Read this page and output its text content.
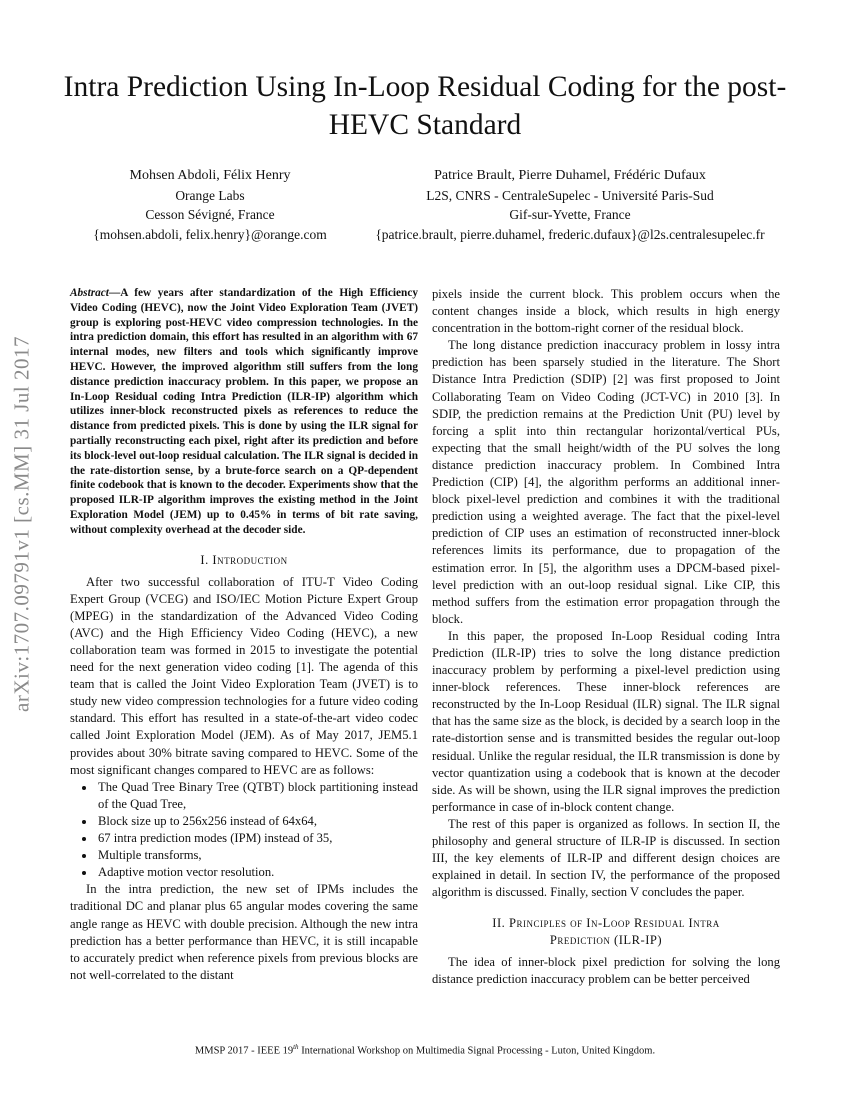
Intra Prediction Using In-Loop Residual Coding for the post-HEVC Standard
Mohsen Abdoli, Félix Henry
Orange Labs
Cesson Sévigné, France
{mohsen.abdoli, felix.henry}@orange.com
Patrice Brault, Pierre Duhamel, Frédéric Dufaux
L2S, CNRS - CentraleSupelec - Université Paris-Sud
Gif-sur-Yvette, France
{patrice.brault, pierre.duhamel, frederic.dufaux}@l2s.centralesupelec.fr
arXiv:1707.09791v1 [cs.MM] 31 Jul 2017

Abstract—A few years after standardization of the High Efficiency Video Coding (HEVC), now the Joint Video Exploration Team (JVET) group is exploring post-HEVC video compression technologies. In the intra prediction domain, this effort has resulted in an algorithm with 67 internal modes, new filters and tools which significantly improve HEVC. However, the improved algorithm still suffers from the long distance prediction inaccuracy problem. In this paper, we propose an In-Loop Residual coding Intra Prediction (ILR-IP) algorithm which utilizes inner-block reconstructed pixels as references to reduce the distance from predicted pixels. This is done by using the ILR signal for partially reconstructing each pixel, right after its prediction and before its block-level out-loop residual calculation. The ILR signal is decided in the rate-distortion sense, by a brute-force search on a QP-dependent finite codebook that is known to the decoder. Experiments show that the proposed ILR-IP algorithm improves the existing method in the Joint Exploration Model (JEM) up to 0.45% in terms of bit rate saving, without complexity overhead at the decoder side.

I. Introduction

After two successful collaboration of ITU-T Video Coding Expert Group (VCEG) and ISO/IEC Motion Picture Expert Group (MPEG) in the standardization of the Advanced Video Coding (AVC) and the High Efficiency Video Coding (HEVC), a new collaboration team was formed in 2015 to investigate the potential need for the next generation video coding [1]. The agenda of this team that is called the Joint Video Exploration Team (JVET) is to study new video compression technologies for a future video coding standard. This effort has resulted in a state-of-the-art video codec called Joint Exploration Model (JEM). As of May 2017, JEM5.1 provides about 30% bitrate saving compared to HEVC. Some of the most significant changes compared to HEVC are as follows:

• The Quad Tree Binary Tree (QTBT) block partitioning instead of the Quad Tree,
• Block size up to 256x256 instead of 64x64,
• 67 intra prediction modes (IPM) instead of 35,
• Multiple transforms,
• Adaptive motion vector resolution.

In the intra prediction, the new set of IPMs includes the traditional DC and planar plus 65 angular modes covering the same angle range as HEVC with double precision. Although the new intra prediction has a better performance than HEVC, it is still incapable to accurately predict when reference pixels from previous blocks are not well-correlated to the distant

pixels inside the current block. This problem occurs when the content changes inside a block, which results in high energy concentration in the bottom-right corner of the residual block.

The long distance prediction inaccuracy problem in lossy intra prediction has been sparsely studied in the literature. The Short Distance Intra Prediction (SDIP) [2] was first proposed to Joint Collaborating Team on Video Coding (JCT-VC) in 2010 [3]. In SDIP, the prediction remains at the Prediction Unit (PU) level by forcing a split into thin rectangular horizontal/vertical PUs, expecting that the small height/width of the PU solves the long distance prediction inaccuracy problem. In Combined Intra Prediction (CIP) [4], the algorithm performs an additional inner-block pixel-level prediction and combines it with the traditional prediction using a weighted average. The fact that the pixel-level prediction of CIP uses an estimation of reconstructed inner-block references limits its performance, due to propagation of the estimation error. In [5], the algorithm uses a DPCM-based pixel-level prediction with an out-loop residual signal. Like CIP, this method suffers from the estimation error propagation through the block.

In this paper, the proposed In-Loop Residual coding Intra Prediction (ILR-IP) tries to solve the long distance prediction inaccuracy problem by performing a pixel-level prediction using inner-block references. These inner-block references are reconstructed by the In-Loop Residual (ILR) signal. The ILR signal that has the same size as the block, is decided by a search loop in the rate-distortion sense and is transmitted besides the regular out-loop residual. Unlike the regular residual, the ILR transmission is done by vector quantization using a codebook that is known at the decoder side. As will be shown, using the ILR signal improves the prediction performance in case of in-block content change.

The rest of this paper is organized as follows. In section II, the philosophy and general structure of ILR-IP is discussed. In section III, the key elements of ILR-IP and different design choices are explained in detail. In section IV, the performance of the proposed algorithm is discussed. Finally, section V concludes the paper.

II. Principles of In-Loop Residual Intra
Prediction (ILR-IP)

The idea of inner-block pixel prediction for solving the long distance prediction inaccuracy problem can be better perceived

MMSP 2017 - IEEE 19th International Workshop on Multimedia Signal Processing - Luton, United Kingdom.
